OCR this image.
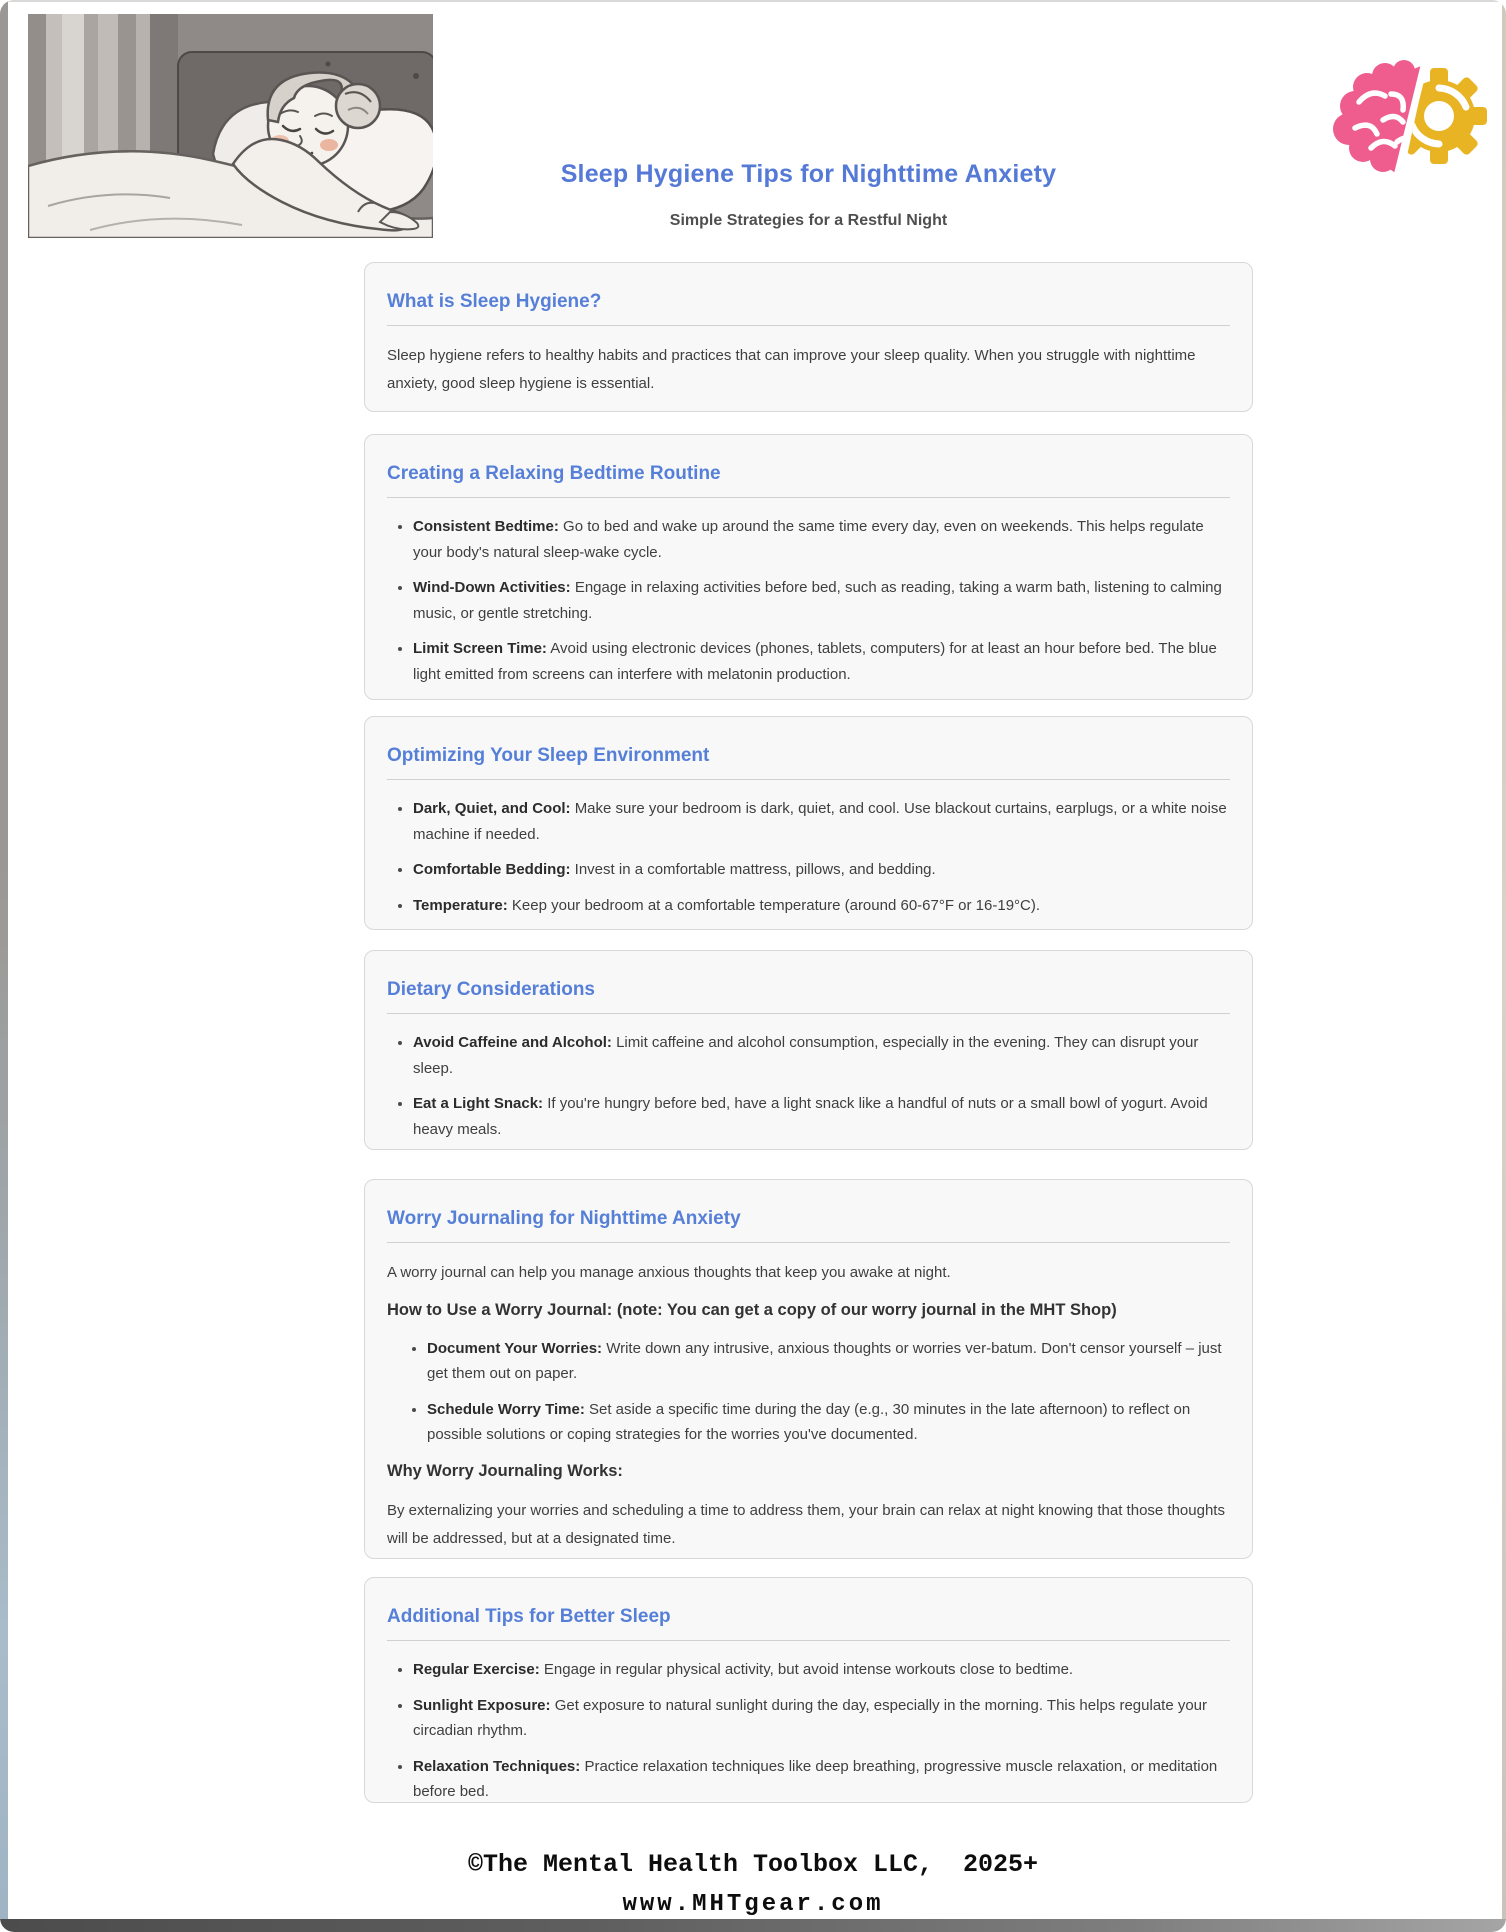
Sleep Hygiene Tips for Nighttime Anxiety
Simple Strategies for a Restful Night
What is Sleep Hygiene?

Sleep hygiene refers to healthy habits and practices that can improve your sleep quality. When you struggle with nighttime anxiety, good sleep hygiene is essential.

Creating a Relaxing Bedtime Routine
• Consistent Bedtime: Go to bed and wake up around the same time every day, even on weekends. This helps regulate your body's natural sleep-wake cycle.
• Wind-Down Activities: Engage in relaxing activities before bed, such as reading, taking a warm bath, listening to calming music, or gentle stretching.
• Limit Screen Time: Avoid using electronic devices (phones, tablets, computers) for at least an hour before bed. The blue light emitted from screens can interfere with melatonin production.
Optimizing Your Sleep Environment
• Dark, Quiet, and Cool: Make sure your bedroom is dark, quiet, and cool. Use blackout curtains, earplugs, or a white noise machine if needed.
• Comfortable Bedding: Invest in a comfortable mattress, pillows, and bedding.
• Temperature: Keep your bedroom at a comfortable temperature (around 60-67°F or 16-19°C).
Dietary Considerations
• Avoid Caffeine and Alcohol: Limit caffeine and alcohol consumption, especially in the evening. They can disrupt your sleep.
• Eat a Light Snack: If you're hungry before bed, have a light snack like a handful of nuts or a small bowl of yogurt. Avoid heavy meals.
Worry Journaling for Nighttime Anxiety

A worry journal can help you manage anxious thoughts that keep you awake at night.

How to Use a Worry Journal: (note: You can get a copy of our worry journal in the MHT Shop)
• Document Your Worries: Write down any intrusive, anxious thoughts or worries ver-batum. Don't censor yourself – just get them out on paper.
• Schedule Worry Time: Set aside a specific time during the day (e.g., 30 minutes in the late afternoon) to reflect on possible solutions or coping strategies for the worries you've documented.
Why Worry Journaling Works:

By externalizing your worries and scheduling a time to address them, your brain can relax at night knowing that those thoughts will be addressed, but at a designated time.

Additional Tips for Better Sleep
• Regular Exercise: Engage in regular physical activity, but avoid intense workouts close to bedtime.
• Sunlight Exposure: Get exposure to natural sunlight during the day, especially in the morning. This helps regulate your circadian rhythm.
• Relaxation Techniques: Practice relaxation techniques like deep breathing, progressive muscle relaxation, or meditation before bed.
©The Mental Health Toolbox LLC,  2025+
www.MHTgear.com
